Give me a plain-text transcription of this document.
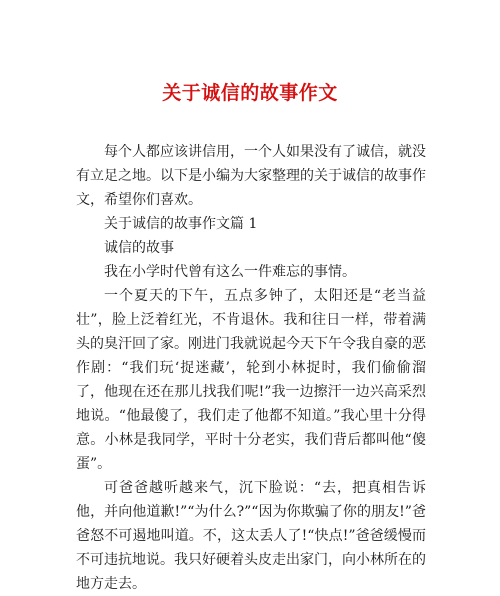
关于诚信的故事作文

每个人都应该讲信用，一个人如果没有了诚信，就没有立足之地。以下是小编为大家整理的关于诚信的故事作文，希望你们喜欢。

关于诚信的故事作文篇 1

诚信的故事

我在小学时代曾有这么一件难忘的事情。

一个夏天的下午，五点多钟了，太阳还是“老当益壮”，脸上泛着红光，不肯退休。我和往日一样，带着满头的臭汗回了家。刚进门我就说起今天下午令我自豪的恶作剧：“我们玩‘捉迷藏’，轮到小林捉时，我们偷偷溜了，他现在还在那儿找我们呢!”我一边擦汗一边兴高采烈地说。“他最傻了，我们走了他都不知道。”我心里十分得意。小林是我同学，平时十分老实，我们背后都叫他“傻蛋”。

可爸爸越听越来气，沉下脸说：“去，把真相告诉他，并向他道歉!”“为什么?”“因为你欺骗了你的朋友!”爸爸怒不可遏地叫道。不，这太丢人了!“快点!”爸爸缓慢而不可违抗地说。我只好硬着头皮走出家门，向小林所在的地方走去。
